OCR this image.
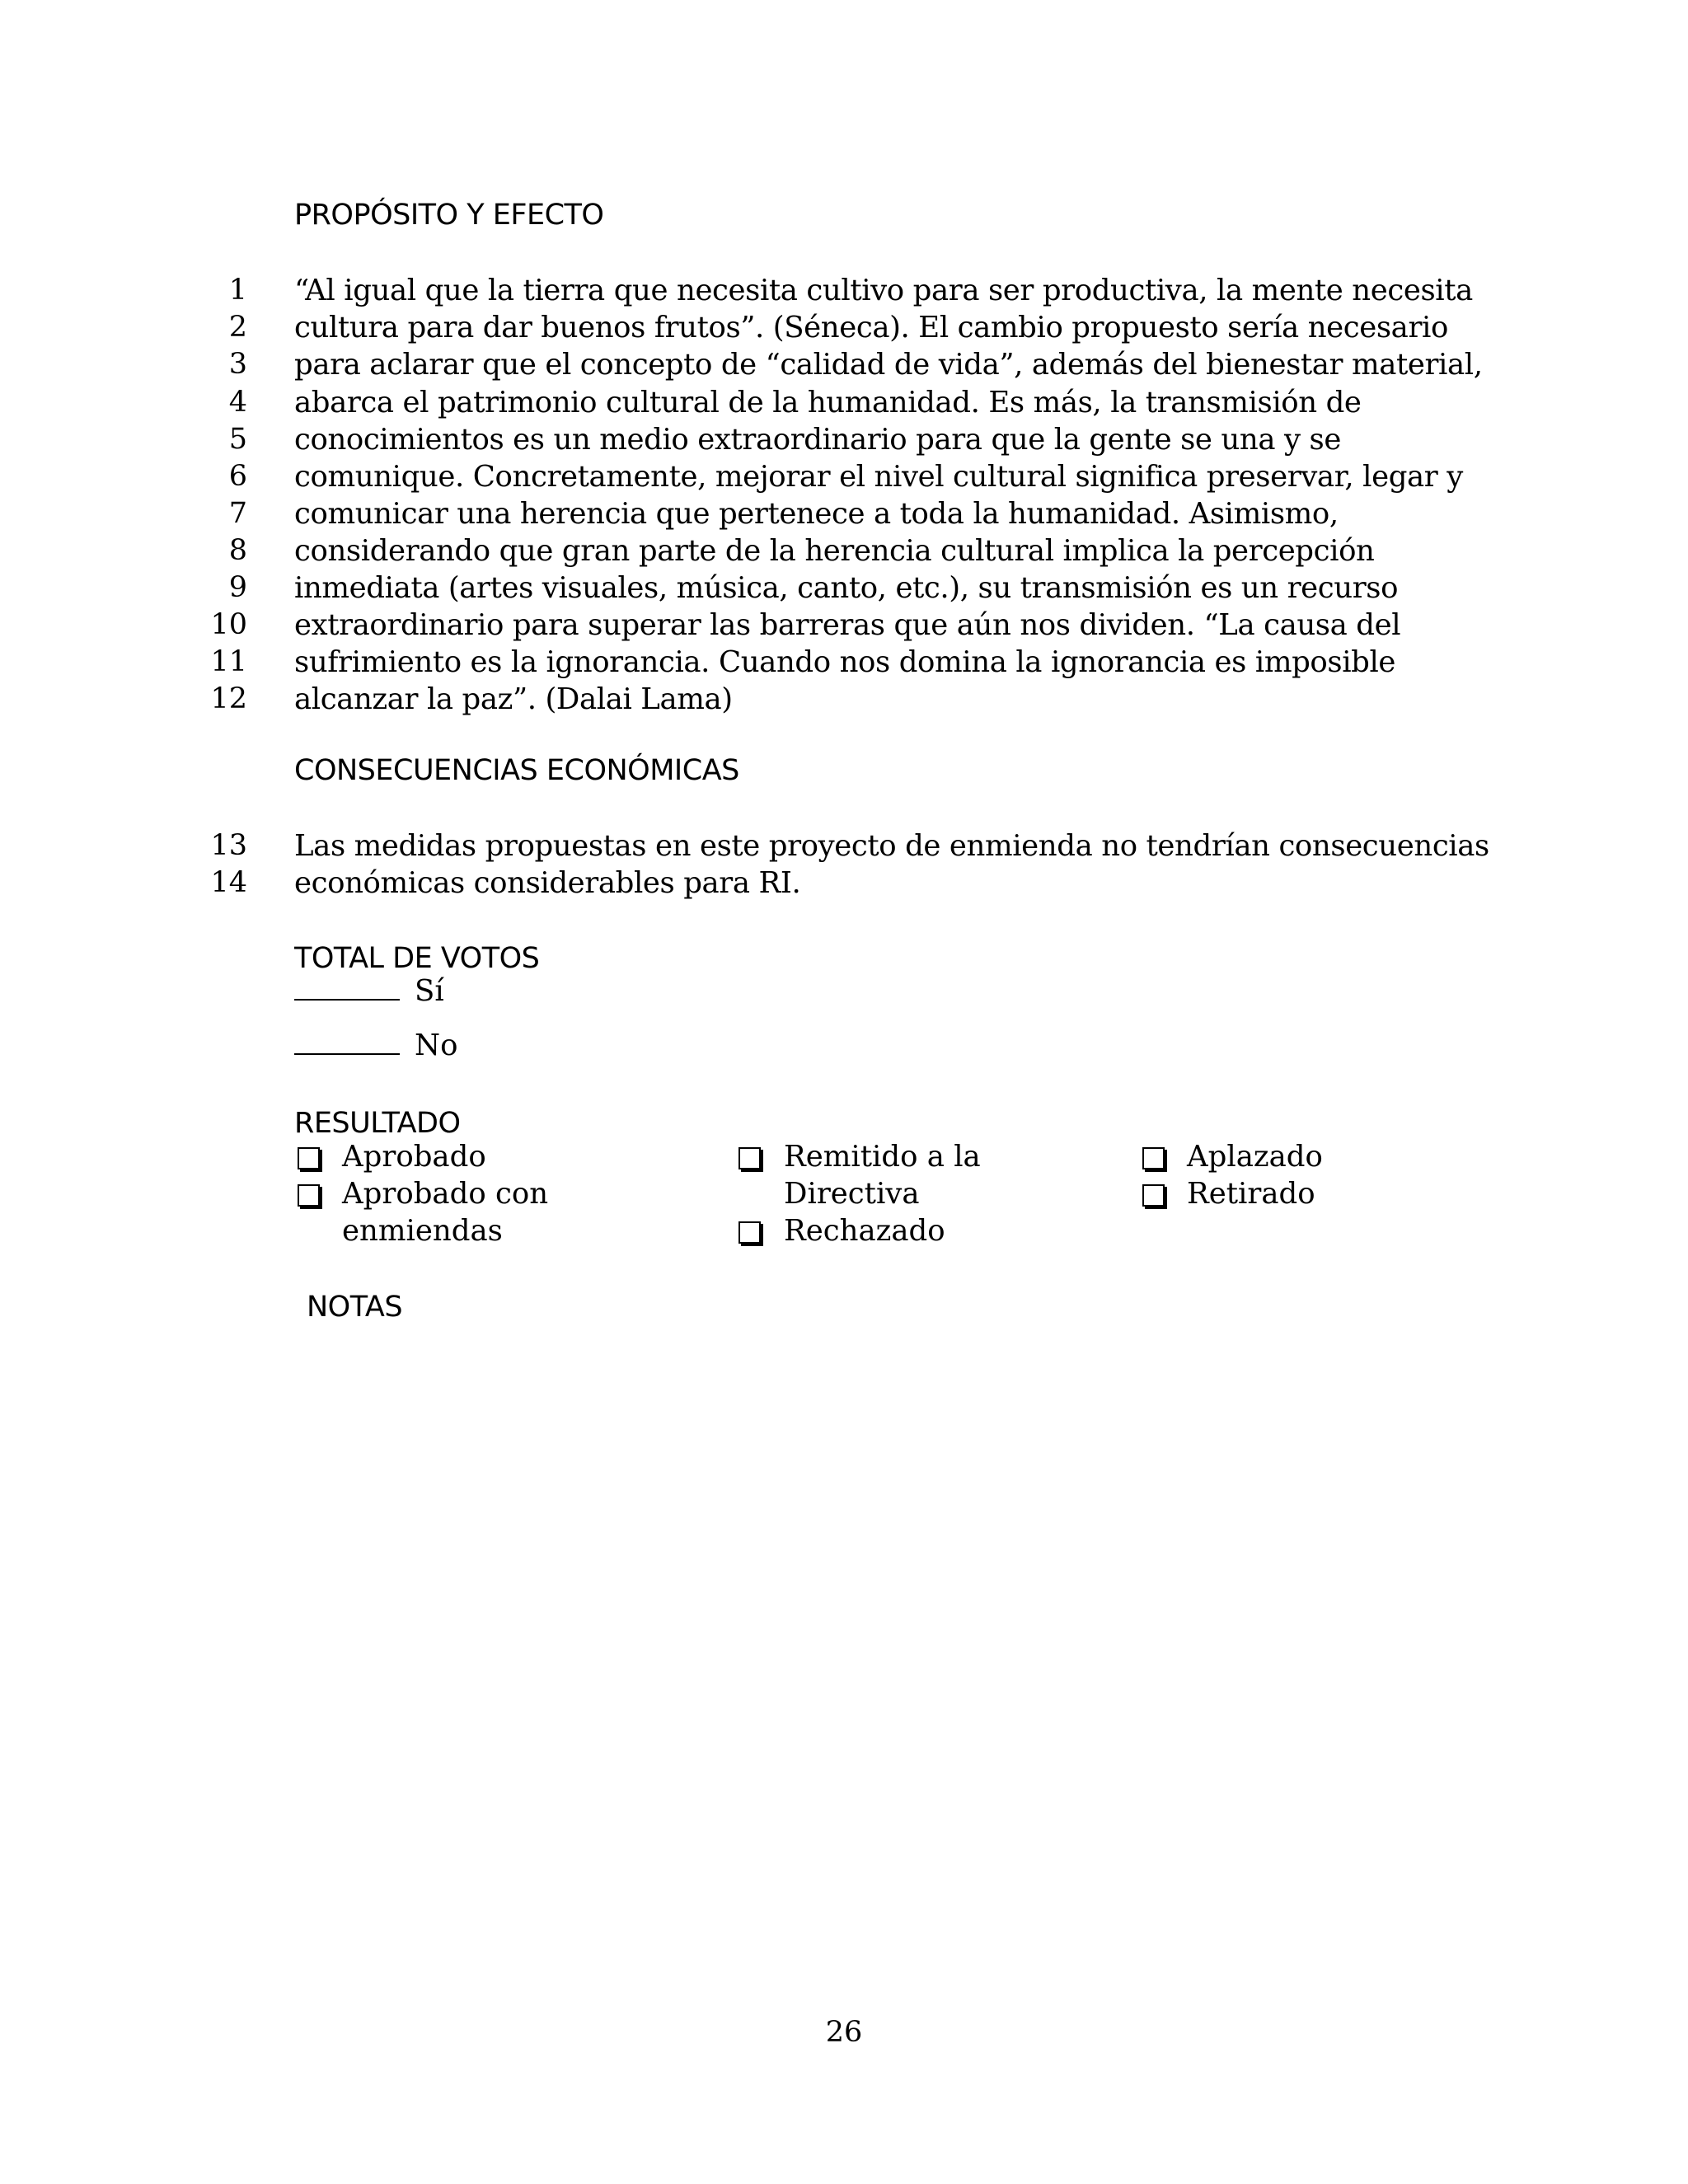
PROPÓSITO Y EFECTO
1 “Al igual que la tierra que necesita cultivo para ser productiva, la mente necesita
2 cultura para dar buenos frutos”. (Séneca). El cambio propuesto sería necesario
3 para aclarar que el concepto de “calidad de vida”, además del bienestar material,
4 abarca el patrimonio cultural de la humanidad. Es más, la transmisión de
5 conocimientos es un medio extraordinario para que la gente se una y se
6 comunique. Concretamente, mejorar el nivel cultural significa preservar, legar y
7 comunicar una herencia que pertenece a toda la humanidad. Asimismo,
8 considerando que gran parte de la herencia cultural implica la percepción
9 inmediata (artes visuales, música, canto, etc.), su transmisión es un recurso
10 extraordinario para superar las barreras que aún nos dividen. “La causa del
11 sufrimiento es la ignorancia. Cuando nos domina la ignorancia es imposible
12 alcanzar la paz”. (Dalai Lama)
CONSECUENCIAS ECONÓMICAS
13 Las medidas propuestas en este proyecto de enmienda no tendrían consecuencias
14 económicas considerables para RI.
TOTAL DE VOTOS
Sí
No
RESULTADO
Aprobado
Aprobado con
enmiendas
Remitido a la
Directiva
Rechazado
Aplazado
Retirado
NOTAS
26
